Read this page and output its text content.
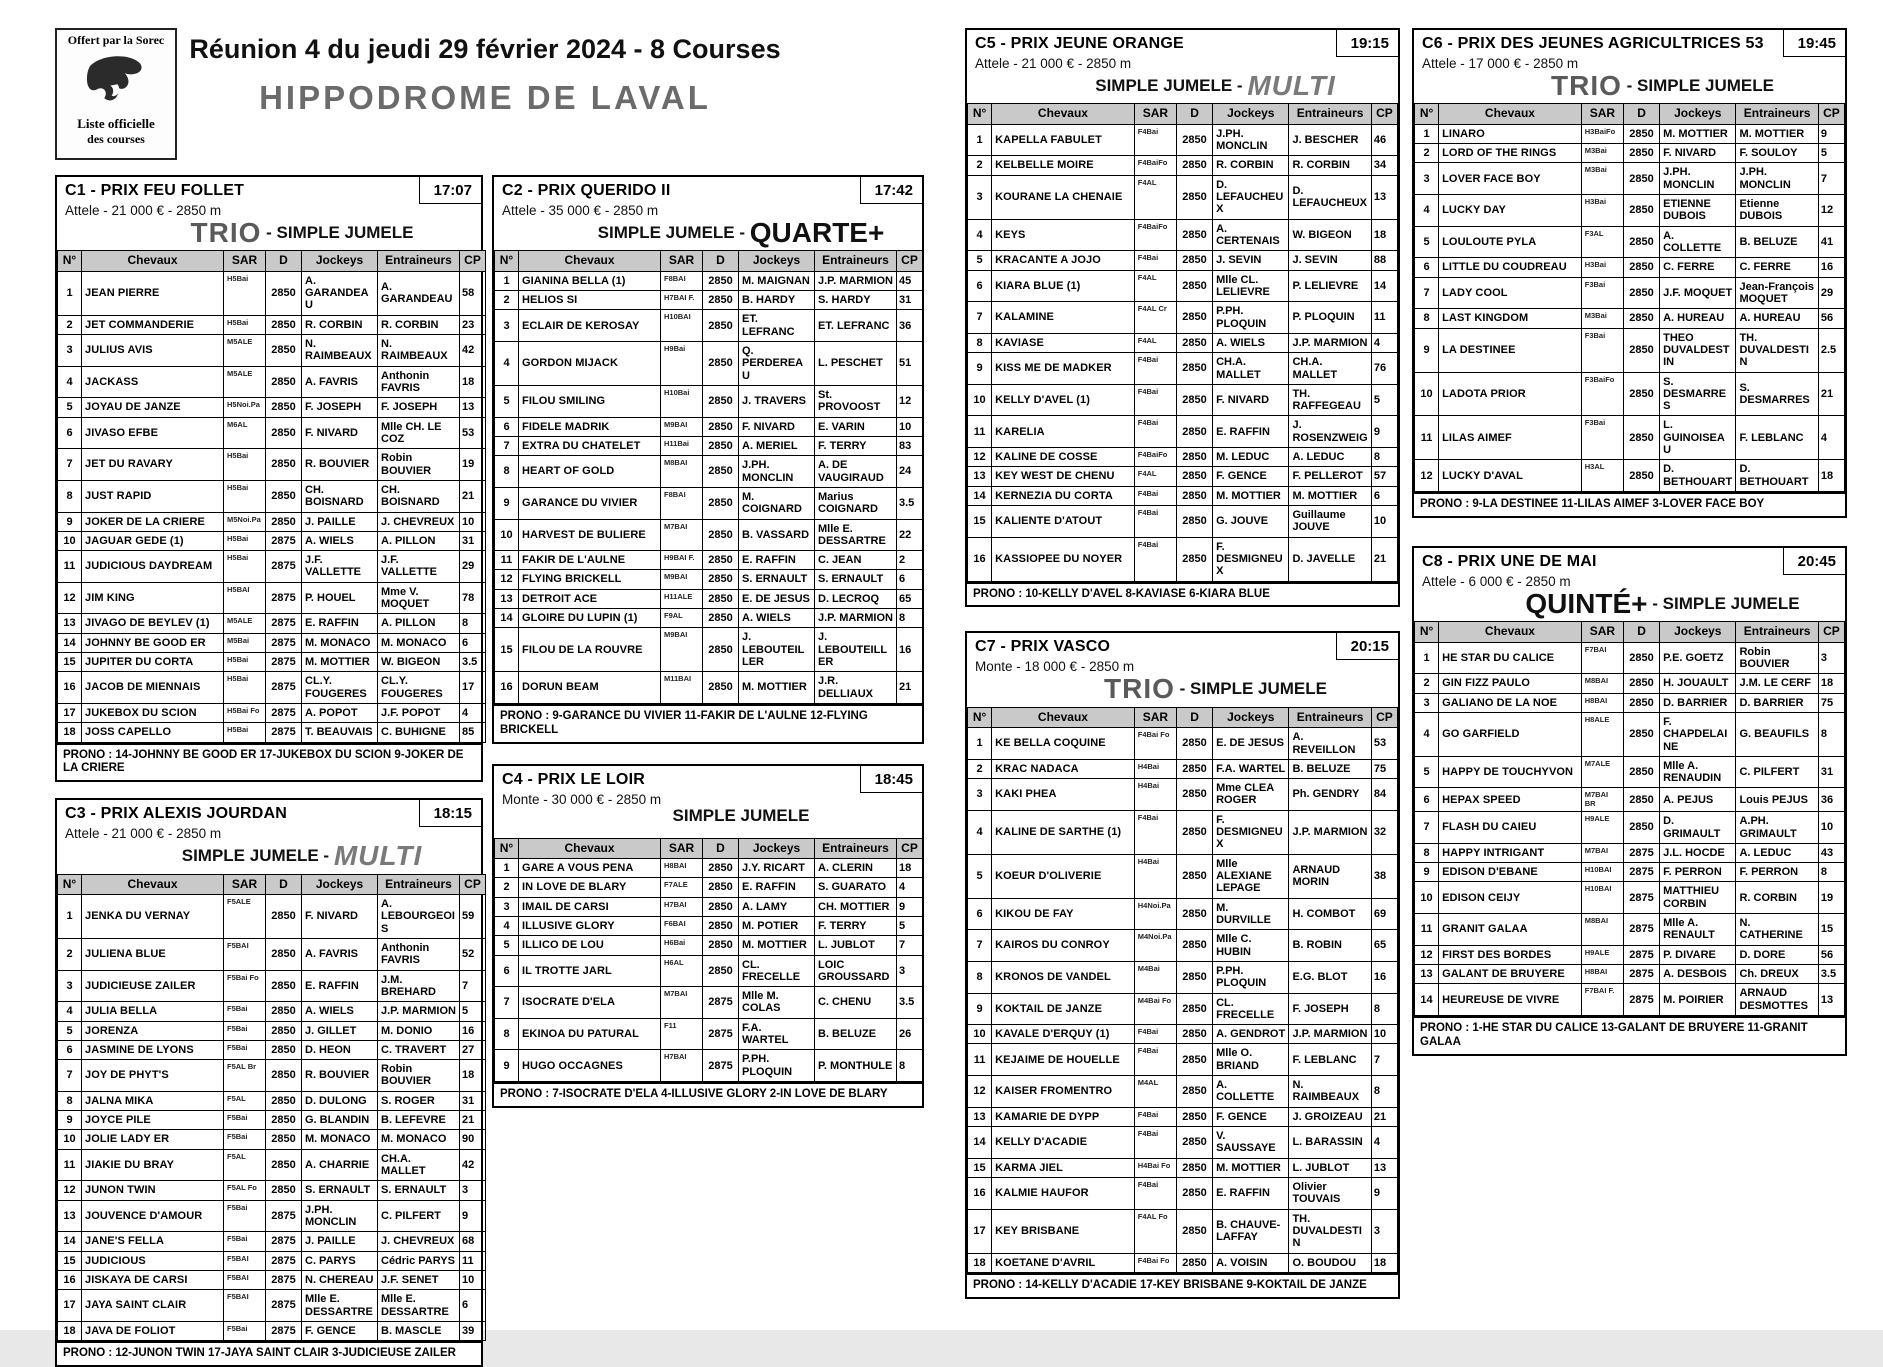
Offert par la Sorec
Liste officielle
des courses
Réunion 4 du jeudi 29 février 2024 - 8 Courses
HIPPODROME DE LAVAL
C1 - PRIX FEU FOLLET	17:07
Attele - 21 000 € - 2850 m
TRIO - SIMPLE JUMELE
N°	Chevaux	SAR	D	Jockeys	Entraineurs	CP
1	JEAN PIERRE	H5Bai	2850	A. GARANDEAU	A. GARANDEAU	58
2	JET COMMANDERIE	H5Bai	2850	R. CORBIN	R. CORBIN	23
3	JULIUS AVIS	M5ALE	2850	N. RAIMBEAUX	N. RAIMBEAUX	42
4	JACKASS	M5ALE	2850	A. FAVRIS	Anthonin FAVRIS	18
5	JOYAU DE JANZE	H5Noi.Pa	2850	F. JOSEPH	F. JOSEPH	13
6	JIVASO EFBE	M6AL	2850	F. NIVARD	Mlle CH. LE COZ	53
7	JET DU RAVARY	H5Bai	2850	R. BOUVIER	Robin BOUVIER	19
8	JUST RAPID	H5Bai	2850	CH. BOISNARD	CH. BOISNARD	21
9	JOKER DE LA CRIERE	M5Noi.Pa	2850	J. PAILLE	J. CHEVREUX	10
10	JAGUAR GEDE (1)	H5Bai	2875	A. WIELS	A. PILLON	31
11	JUDICIOUS DAYDREAM	H5Bai	2875	J.F. VALLETTE	J.F. VALLETTE	29
12	JIM KING	H5BAI	2875	P. HOUEL	Mme V. MOQUET	78
13	JIVAGO DE BEYLEV (1)	M5ALE	2875	E. RAFFIN	A. PILLON	8
14	JOHNNY BE GOOD ER	M5Bai	2875	M. MONACO	M. MONACO	6
15	JUPITER DU CORTA	H5Bai	2875	M. MOTTIER	W. BIGEON	3.5
16	JACOB DE MIENNAIS	H5Bai	2875	CL.Y. FOUGERES	CL.Y. FOUGERES	17
17	JUKEBOX DU SCION	H5Bai Fo	2875	A. POPOT	J.F. POPOT	4
18	JOSS CAPELLO	H5Bai	2875	T. BEAUVAIS	C. BUHIGNE	85
PRONO : 14-JOHNNY BE GOOD ER 17-JUKEBOX DU SCION 9-JOKER DE LA CRIERE
C3 - PRIX ALEXIS JOURDAN	18:15
Attele - 21 000 € - 2850 m
SIMPLE JUMELE - MULTI
N°	Chevaux	SAR	D	Jockeys	Entraineurs	CP
1	JENKA DU VERNAY	F5ALE	2850	F. NIVARD	A. LEBOURGEOIS	59
2	JULIENA BLUE	F5BAI	2850	A. FAVRIS	Anthonin FAVRIS	52
3	JUDICIEUSE ZAILER	F5Bai Fo	2850	E. RAFFIN	J.M. BREHARD	7
4	JULIA BELLA	F5Bai	2850	A. WIELS	J.P. MARMION	5
5	JORENZA	F5Bai	2850	J. GILLET	M. DONIO	16
6	JASMINE DE LYONS	F5Bai	2850	D. HEON	C. TRAVERT	27
7	JOY DE PHYT'S	F5AL Br	2850	R. BOUVIER	Robin BOUVIER	18
8	JALNA MIKA	F5AL	2850	D. DULONG	S. ROGER	31
9	JOYCE PILE	F5Bai	2850	G. BLANDIN	B. LEFEVRE	21
10	JOLIE LADY ER	F5Bai	2850	M. MONACO	M. MONACO	90
11	JIAKIE DU BRAY	F5AL	2850	A. CHARRIE	CH.A. MALLET	42
12	JUNON TWIN	F5AL Fo	2850	S. ERNAULT	S. ERNAULT	3
13	JOUVENCE D'AMOUR	F5Bai	2875	J.PH. MONCLIN	C. PILFERT	9
14	JANE'S FELLA	F5Bai	2875	J. PAILLE	J. CHEVREUX	68
15	JUDICIOUS	F5BAI	2875	C. PARYS	Cédric PARYS	11
16	JISKAYA DE CARSI	F5BAI	2875	N. CHEREAU	J.F. SENET	10
17	JAYA SAINT CLAIR	F5BAI	2875	Mlle E. DESSARTRE	Mlle E. DESSARTRE	6
18	JAVA DE FOLIOT	F5Bai	2875	F. GENCE	B. MASCLE	39
PRONO : 12-JUNON TWIN 17-JAYA SAINT CLAIR 3-JUDICIEUSE ZAILER
C2 - PRIX QUERIDO II	17:42
Attele - 35 000 € - 2850 m
SIMPLE JUMELE - QUARTE+
N°	Chevaux	SAR	D	Jockeys	Entraineurs	CP
1	GIANINA BELLA (1)	F8BAI	2850	M. MAIGNAN	J.P. MARMION	45
2	HELIOS SI	H7BAI F.	2850	B. HARDY	S. HARDY	31
3	ECLAIR DE KEROSAY	H10BAI	2850	ET. LEFRANC	ET. LEFRANC	36
4	GORDON MIJACK	H9Bai	2850	Q. PERDEREAU	L. PESCHET	51
5	FILOU SMILING	H10Bai	2850	J. TRAVERS	St. PROVOOST	12
6	FIDELE MADRIK	M9BAI	2850	F. NIVARD	E. VARIN	10
7	EXTRA DU CHATELET	H11Bai	2850	A. MERIEL	F. TERRY	83
8	HEART OF GOLD	M8BAI	2850	J.PH. MONCLIN	A. DE VAUGIRAUD	24
9	GARANCE DU VIVIER	F8BAI	2850	M. COIGNARD	Marius COIGNARD	3.5
10	HARVEST DE BULIERE	M7BAI	2850	B. VASSARD	Mlle E. DESSARTRE	22
11	FAKIR DE L'AULNE	H9BAI F.	2850	E. RAFFIN	C. JEAN	2
12	FLYING BRICKELL	M9BAI	2850	S. ERNAULT	S. ERNAULT	6
13	DETROIT ACE	H11ALE	2850	E. DE JESUS	D. LECROQ	65
14	GLOIRE DU LUPIN (1)	F9AL	2850	A. WIELS	J.P. MARMION	8
15	FILOU DE LA ROUVRE	M9BAI	2850	J. LEBOUTEILLER	J. LEBOUTEILLER	16
16	DORUN BEAM	M11BAI	2850	M. MOTTIER	J.R. DELLIAUX	21
PRONO : 9-GARANCE DU VIVIER 11-FAKIR DE L'AULNE 12-FLYING BRICKELL
C4 - PRIX LE LOIR	18:45
Monte - 30 000 € - 2850 m
SIMPLE JUMELE
N°	Chevaux	SAR	D	Jockeys	Entraineurs	CP
1	GARE A VOUS PENA	H8BAI	2850	J.Y. RICART	A. CLERIN	18
2	IN LOVE DE BLARY	F7ALE	2850	E. RAFFIN	S. GUARATO	4
3	IMAIL DE CARSI	H7BAI	2850	A. LAMY	CH. MOTTIER	9
4	ILLUSIVE GLORY	F6BAI	2850	M. POTIER	F. TERRY	5
5	ILLICO DE LOU	H6Bai	2850	M. MOTTIER	L. JUBLOT	7
6	IL TROTTE JARL	H6AL	2850	CL. FRECELLE	LOIC GROUSSARD	3
7	ISOCRATE D'ELA	M7BAI	2875	Mlle M. COLAS	C. CHENU	3.5
8	EKINOA DU PATURAL	F11	2875	F.A. WARTEL	B. BELUZE	26
9	HUGO OCCAGNES	H7BAI	2875	P.PH. PLOQUIN	P. MONTHULE	8
PRONO : 7-ISOCRATE D'ELA 4-ILLUSIVE GLORY 2-IN LOVE DE BLARY
C5 - PRIX JEUNE ORANGE	19:15
Attele - 21 000 € - 2850 m
SIMPLE JUMELE - MULTI
N°	Chevaux	SAR	D	Jockeys	Entraineurs	CP
1	KAPELLA FABULET	F4Bai	2850	J.PH. MONCLIN	J. BESCHER	46
2	KELBELLE MOIRE	F4BaiFo	2850	R. CORBIN	R. CORBIN	34
3	KOURANE LA CHENAIE	F4AL	2850	D. LEFAUCHEUX	D. LEFAUCHEUX	13
4	KEYS	F4BaiFo	2850	A. CERTENAIS	W. BIGEON	18
5	KRACANTE A JOJO	F4Bai	2850	J. SEVIN	J. SEVIN	88
6	KIARA BLUE (1)	F4AL	2850	Mlle CL. LELIEVRE	P. LELIEVRE	14
7	KALAMINE	F4AL Cr	2850	P.PH. PLOQUIN	P. PLOQUIN	11
8	KAVIASE	F4AL	2850	A. WIELS	J.P. MARMION	4
9	KISS ME DE MADKER	F4Bai	2850	CH.A. MALLET	CH.A. MALLET	76
10	KELLY D'AVEL (1)	F4Bai	2850	F. NIVARD	TH. RAFFEGEAU	5
11	KARELIA	F4Bai	2850	E. RAFFIN	J. ROSENZWEIG	9
12	KALINE DE COSSE	F4BaiFo	2850	M. LEDUC	A. LEDUC	8
13	KEY WEST DE CHENU	F4AL	2850	F. GENCE	F. PELLEROT	57
14	KERNEZIA DU CORTA	F4Bai	2850	M. MOTTIER	M. MOTTIER	6
15	KALIENTE D'ATOUT	F4Bai	2850	G. JOUVE	Guillaume JOUVE	10
16	KASSIOPEE DU NOYER	F4Bai	2850	F. DESMIGNEUX	D. JAVELLE	21
PRONO : 10-KELLY D'AVEL 8-KAVIASE 6-KIARA BLUE
C7 - PRIX VASCO	20:15
Monte - 18 000 € - 2850 m
TRIO - SIMPLE JUMELE
N°	Chevaux	SAR	D	Jockeys	Entraineurs	CP
1	KE BELLA COQUINE	F4Bai Fo	2850	E. DE JESUS	A. REVEILLON	53
2	KRAC NADACA	H4Bai	2850	F.A. WARTEL	B. BELUZE	75
3	KAKI PHEA	H4Bai	2850	Mme CLEA ROGER	Ph. GENDRY	84
4	KALINE DE SARTHE (1)	F4Bai	2850	F. DESMIGNEUX	J.P. MARMION	32
5	KOEUR D'OLIVERIE	H4Bai	2850	Mlle ALEXIANE LEPAGE	ARNAUD MORIN	38
6	KIKOU DE FAY	H4Noi.Pa	2850	M. DURVILLE	H. COMBOT	69
7	KAIROS DU CONROY	M4Noi.Pa	2850	Mlle C. HUBIN	B. ROBIN	65
8	KRONOS DE VANDEL	M4Bai	2850	P.PH. PLOQUIN	E.G. BLOT	16
9	KOKTAIL DE JANZE	M4Bai Fo	2850	CL. FRECELLE	F. JOSEPH	8
10	KAVALE D'ERQUY (1)	F4Bai	2850	A. GENDROT	J.P. MARMION	10
11	KEJAIME DE HOUELLE	F4Bai	2850	Mlle O. BRIAND	F. LEBLANC	7
12	KAISER FROMENTRO	M4AL	2850	A. COLLETTE	N. RAIMBEAUX	8
13	KAMARIE DE DYPP	F4Bai	2850	F. GENCE	J. GROIZEAU	21
14	KELLY D'ACADIE	F4Bai	2850	V. SAUSSAYE	L. BARASSIN	4
15	KARMA JIEL	H4Bai Fo	2850	M. MOTTIER	L. JUBLOT	13
16	KALMIE HAUFOR	F4Bai	2850	E. RAFFIN	Olivier TOUVAIS	9
17	KEY BRISBANE	F4AL Fo	2850	B. CHAUVE-LAFFAY	TH. DUVALDESTIN	3
18	KOETANE D'AVRIL	F4Bai Fo	2850	A. VOISIN	O. BOUDOU	18
PRONO : 14-KELLY D'ACADIE 17-KEY BRISBANE 9-KOKTAIL DE JANZE
C6 - PRIX DES JEUNES AGRICULTRICES 53	19:45
Attele - 17 000 € - 2850 m
TRIO - SIMPLE JUMELE
N°	Chevaux	SAR	D	Jockeys	Entraineurs	CP
1	LINARO	H3BaiFo	2850	M. MOTTIER	M. MOTTIER	9
2	LORD OF THE RINGS	M3Bai	2850	F. NIVARD	F. SOULOY	5
3	LOVER FACE BOY	M3Bai	2850	J.PH. MONCLIN	J.PH. MONCLIN	7
4	LUCKY DAY	H3Bai	2850	ETIENNE DUBOIS	Etienne DUBOIS	12
5	LOULOUTE PYLA	F3AL	2850	A. COLLETTE	B. BELUZE	41
6	LITTLE DU COUDREAU	H3Bai	2850	C. FERRE	C. FERRE	16
7	LADY COOL	F3Bai	2850	J.F. MOQUET	Jean-François MOQUET	29
8	LAST KINGDOM	M3Bai	2850	A. HUREAU	A. HUREAU	56
9	LA DESTINEE	F3Bai	2850	THEO DUVALDESTIN	TH. DUVALDESTIN	2.5
10	LADOTA PRIOR	F3BaiFo	2850	S. DESMARRES	S. DESMARRES	21
11	LILAS AIMEF	F3Bai	2850	L. GUINOISEAU	F. LEBLANC	4
12	LUCKY D'AVAL	H3AL	2850	D. BETHOUART	D. BETHOUART	18
PRONO : 9-LA DESTINEE 11-LILAS AIMEF 3-LOVER FACE BOY
C8 - PRIX UNE DE MAI	20:45
Attele - 6 000 € - 2850 m
QUINTÉ+ - SIMPLE JUMELE
N°	Chevaux	SAR	D	Jockeys	Entraineurs	CP
1	HE STAR DU CALICE	F7BAI	2850	P.E. GOETZ	Robin BOUVIER	3
2	GIN FIZZ PAULO	M8BAI	2850	H. JOUAULT	J.M. LE CERF	18
3	GALIANO DE LA NOE	H8BAI	2850	D. BARRIER	D. BARRIER	75
4	GO GARFIELD	H8ALE	2850	F. CHAPDELAINE	G. BEAUFILS	8
5	HAPPY DE TOUCHYVON	M7ALE	2850	Mlle A. RENAUDIN	C. PILFERT	31
6	HEPAX SPEED	M7BAI BR	2850	A. PEJUS	Louis PEJUS	36
7	FLASH DU CAIEU	H9ALE	2850	D. GRIMAULT	A.PH. GRIMAULT	10
8	HAPPY INTRIGANT	M7BAI	2875	J.L. HOCDE	A. LEDUC	43
9	EDISON D'EBANE	H10BAI	2875	F. PERRON	F. PERRON	8
10	EDISON CEIJY	H10BAI	2875	MATTHIEU CORBIN	R. CORBIN	19
11	GRANIT GALAA	M8BAI	2875	Mlle A. RENAULT	N. CATHERINE	15
12	FIRST DES BORDES	H9ALE	2875	P. DIVARE	D. DORE	56
13	GALANT DE BRUYERE	H8BAI	2875	A. DESBOIS	Ch. DREUX	3.5
14	HEUREUSE DE VIVRE	F7BAI F.	2875	M. POIRIER	ARNAUD DESMOTTES	13
PRONO : 1-HE STAR DU CALICE 13-GALANT DE BRUYERE 11-GRANIT GALAA
